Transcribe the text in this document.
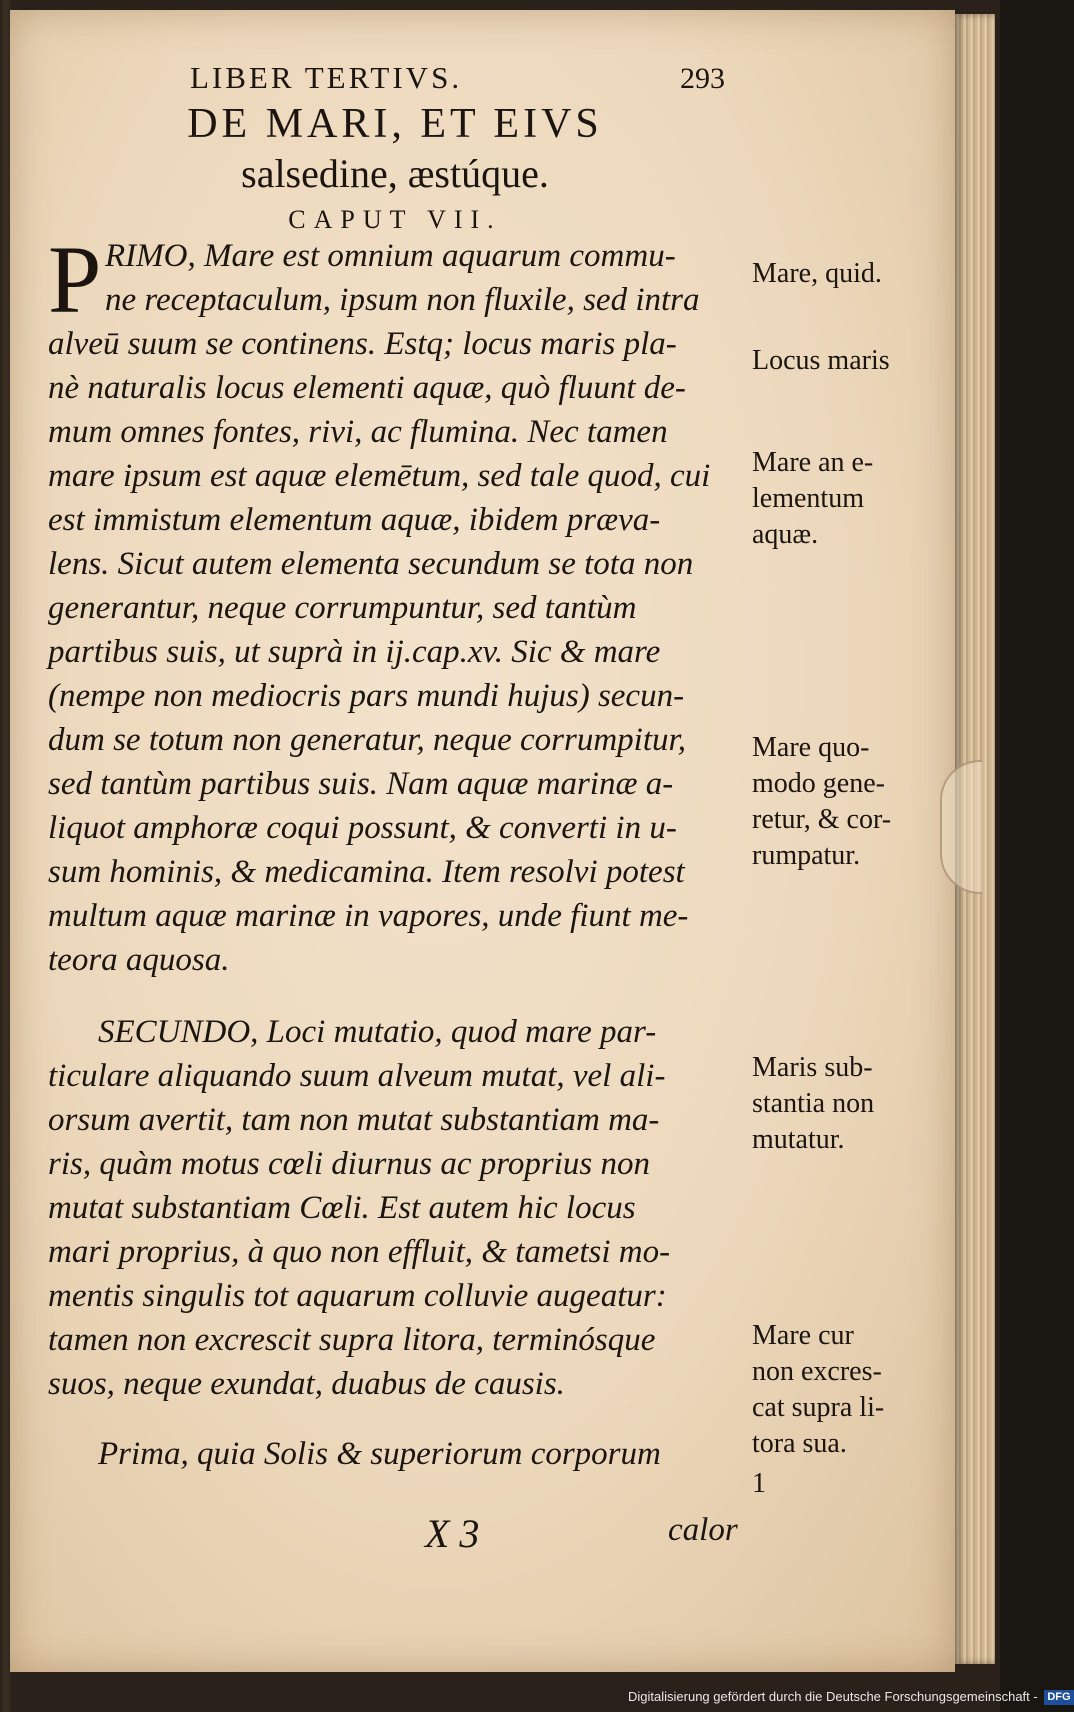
LIBER TERTIVS.	293
DE MARI, ET EIVS
salsedine, æstúque.
CAPUT VII.
P RIMO, Mare est omnium aquarum commu-
ne receptaculum, ipsum non fluxile, sed intra
alveū suum se continens. Estq; locus maris pla-
nè naturalis locus elementi aquæ, quò fluunt de-
mum omnes fontes, rivi, ac flumina. Nec tamen
mare ipsum est aquæ elemētum, sed tale quod, cui
est immistum elementum aquæ, ibidem prævа-
lens. Sicut autem elementa secundum se tota non
generantur, neque corrumpuntur, sed tantùm
partibus suis, ut suprà in ij.cap.xv. Sic & mare
(nempe non mediocris pars mundi hujus) secun-
dum se totum non generatur, neque corrumpitur,
sed tantùm partibus suis. Nam aquæ marinæ a-
liquot amphoræ coqui possunt, & converti in u-
sum hominis, & medicamina. Item resolvi potest
multum aquæ marinæ in vapores, unde fiunt me-
teora aquosa.
SECUNDO, Loci mutatio, quod mare par-
ticulare aliquando suum alveum mutat, vel ali-
orsum avertit, tam non mutat substantiam ma-
ris, quàm motus cœli diurnus ac proprius non
mutat substantiam Cœli. Est autem hic locus
mari proprius, à quo non effluit, & tametsi mo-
mentis singulis tot aquarum colluvie augeatur:
tamen non excrescit supra litora, terminósque
suos, neque exundat, duabus de causis.
Prima, quia Solis & superiorum corporum
Mare, quid.
Locus maris
Mare an e-
lementum
aquæ.
Mare quo-
modo gene-
retur, & cor-
rumpatur.
Maris sub-
stantia non
mutatur.
Mare cur
non excres-
cat supra li-
tora sua.
1
X 3	calor
Digitalisierung gefördert durch die Deutsche Forschungsgemeinschaft - DFG
